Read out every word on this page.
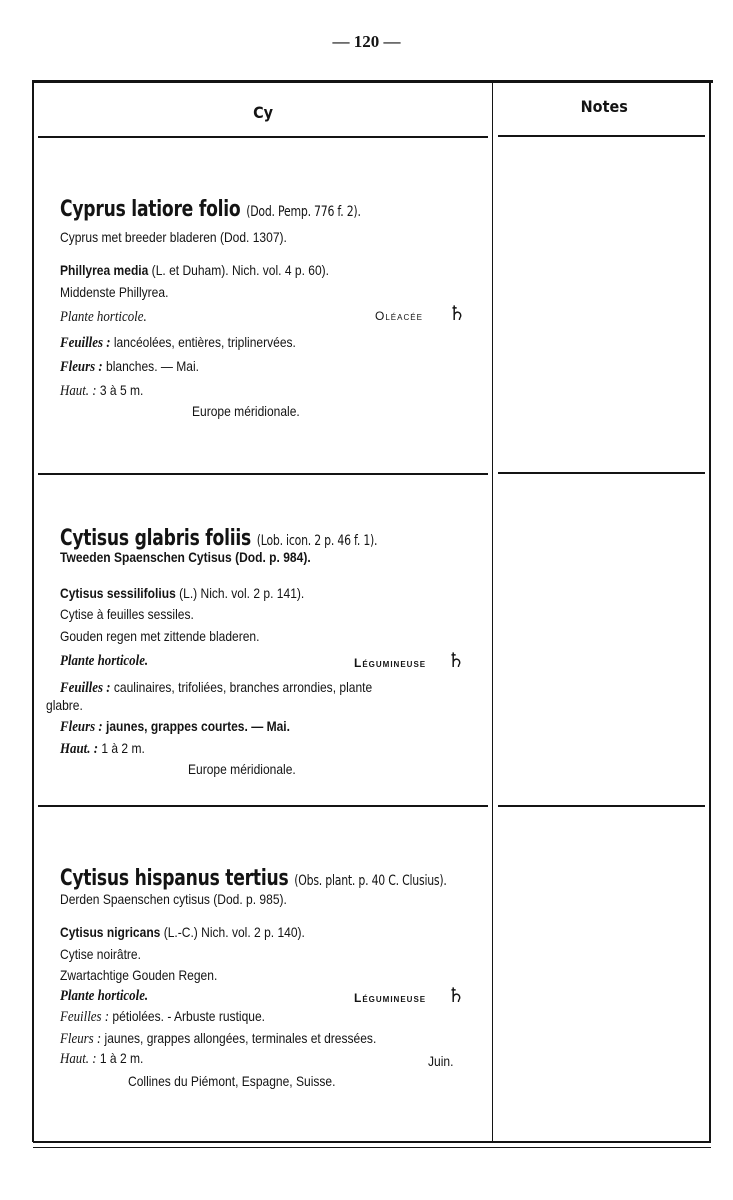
— 120 —
Cy	Notes
Cyprus latiore folio (Dod. Pemp. 776 f. 2).
Cyprus met breeder bladeren (Dod. 1307).
Phillyrea media (L. et Duham). Nich. vol. 4 p. 60).
Middenste Phillyrea.
Plante horticole.
Feuilles : lancéolées, entières, triplinervées.
Fleurs : blanches. — Mai.
Haut. : 3 à 5 m.
Europe méridionale.
Oléacée ♄
Cytisus glabris foliis (Lob. icon. 2 p. 46 f. 1).
Tweeden Spaenschen Cytisus (Dod. p. 984).
Cytisus sessilifolius (L.) Nich. vol. 2 p. 141).
Cytise à feuilles sessiles.
Gouden regen met zittende bladeren.
Plante horticole.
Feuilles : caulinaires, trifoliées, branches arrondies, plante
glabre.
Fleurs : jaunes, grappes courtes. — Mai.
Haut. : 1 à 2 m.
Europe méridionale.
Légumineuse ♄
Cytisus hispanus tertius (Obs. plant. p. 40 C. Clusius).
Derden Spaenschen cytisus (Dod. p. 985).
Cytisus nigricans (L.-C.) Nich. vol. 2 p. 140).
Cytise noirâtre.
Zwartachtige Gouden Regen.
Plante horticole.
Feuilles : pétiolées. - Arbuste rustique.
Fleurs : jaunes, grappes allongées, terminales et dressées.
Haut. : 1 à 2 m.
Collines du Piémont, Espagne, Suisse.
Légumineuse ♄
Juin.
